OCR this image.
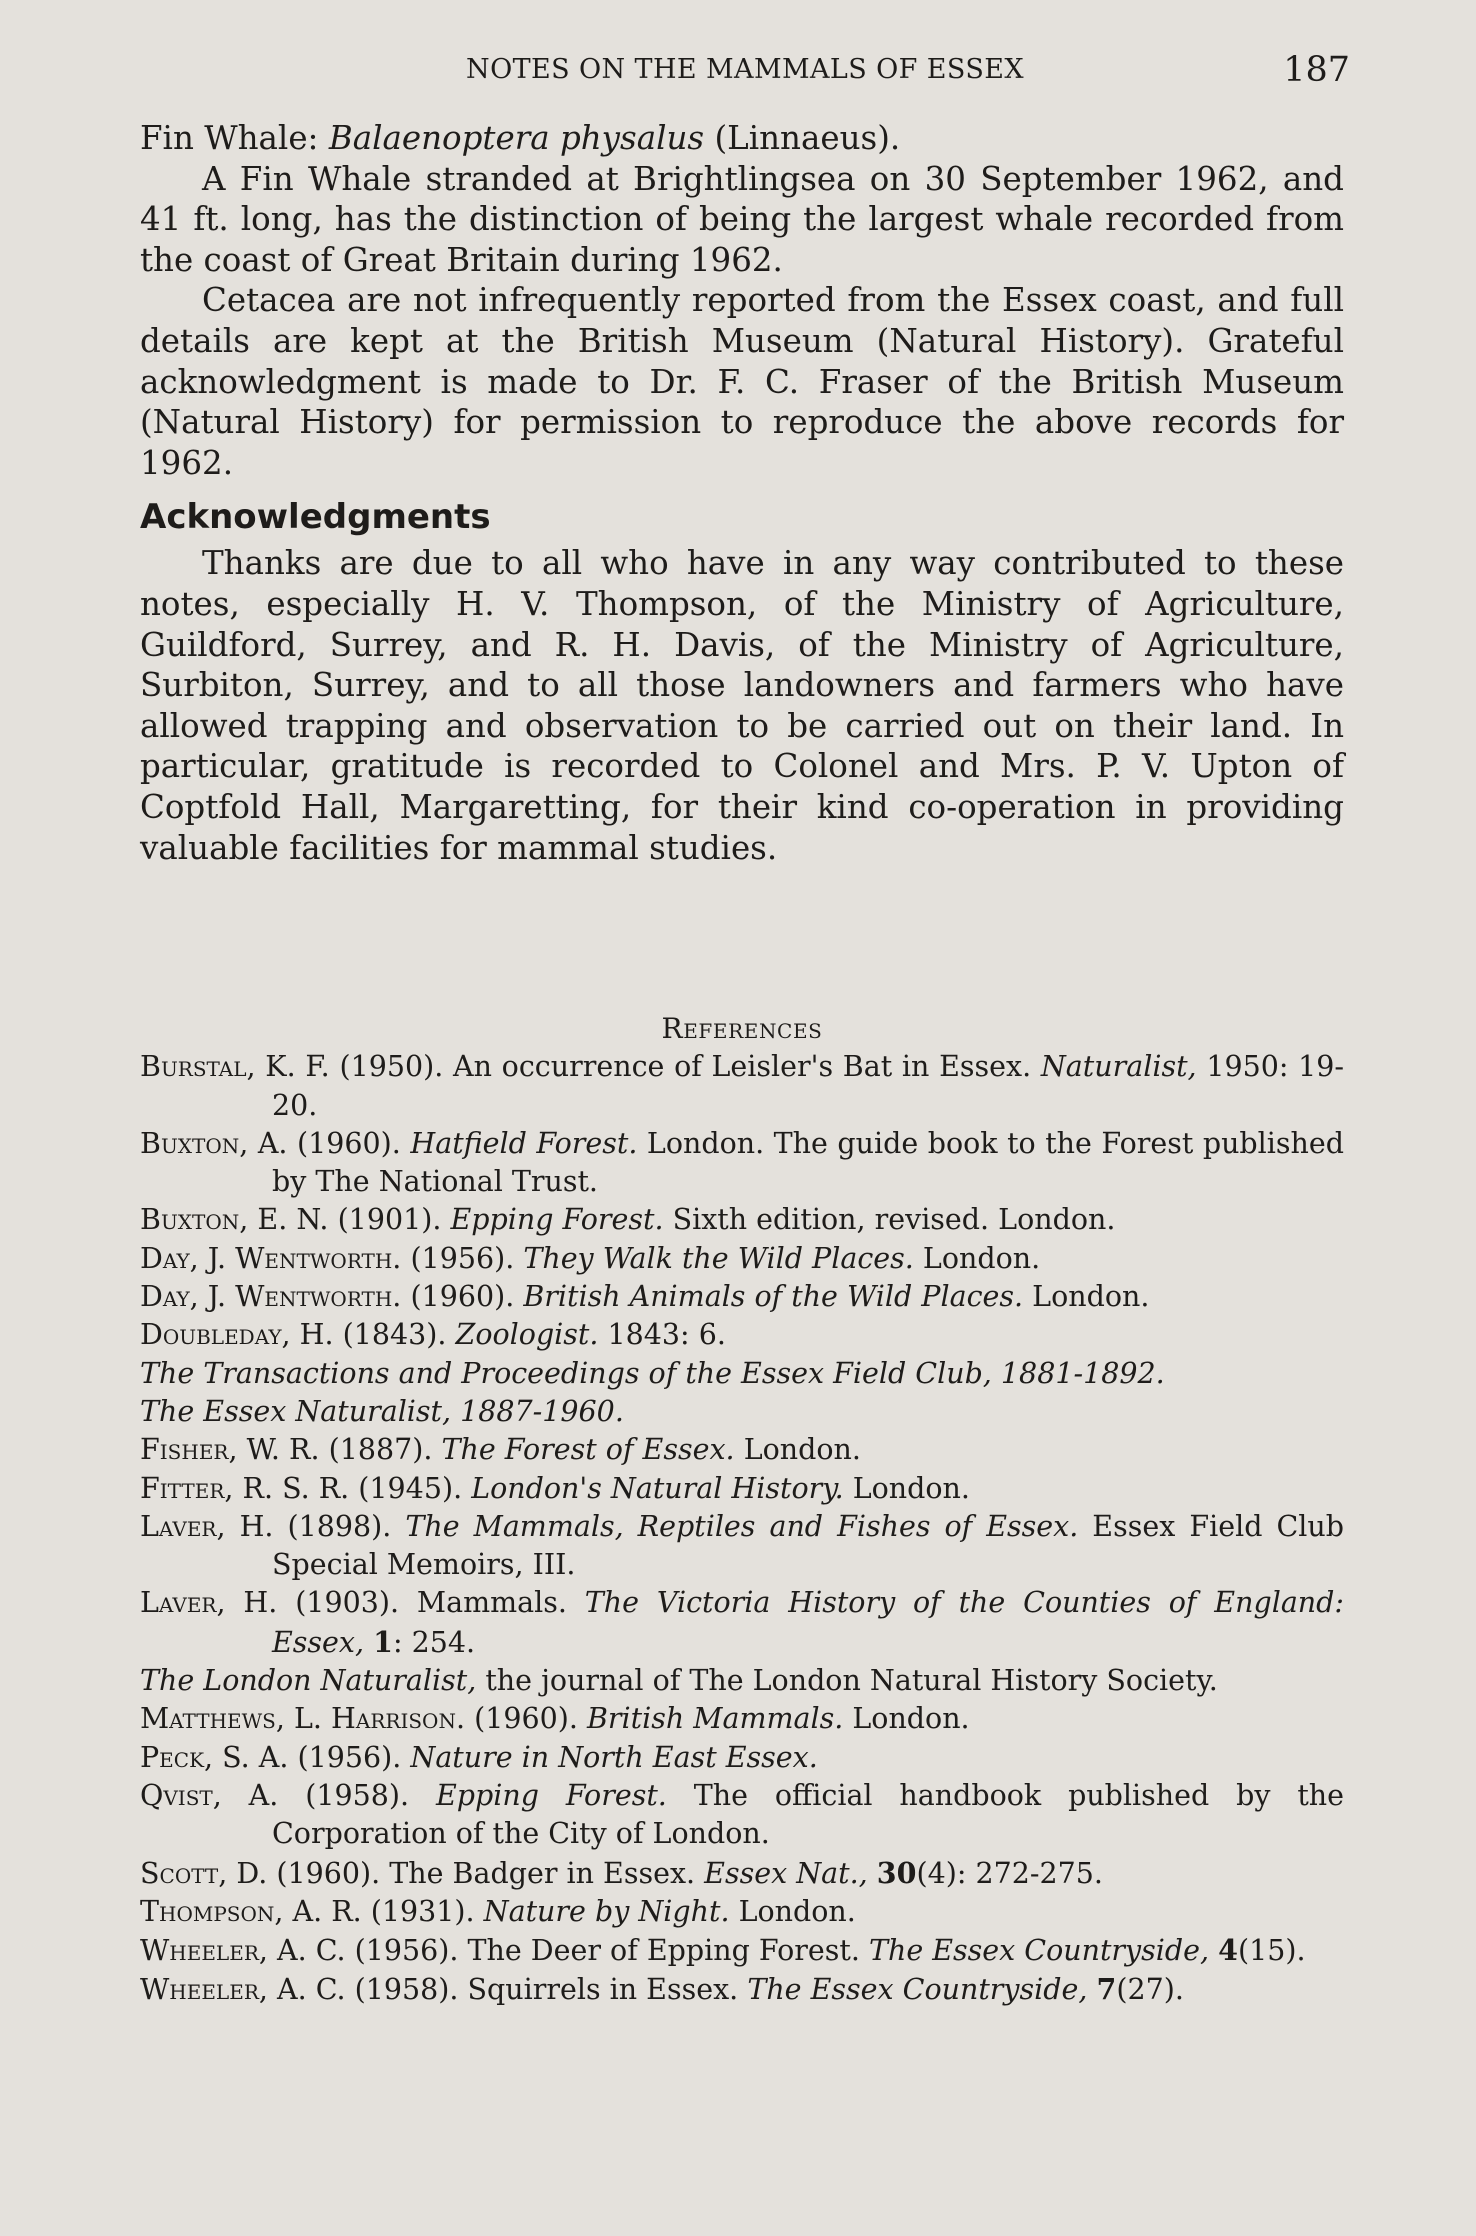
NOTES ON THE MAMMALS OF ESSEX	187

Fin Whale: Balaenoptera physalus (Linnaeus).

A Fin Whale stranded at Brightlingsea on 30 September 1962, and 41 ft. long, has the distinction of being the largest whale recorded from the coast of Great Britain during 1962.

Cetacea are not infrequently reported from the Essex coast, and full details are kept at the British Museum (Natural History). Grateful acknowledgment is made to Dr. F. C. Fraser of the British Museum (Natural History) for permission to reproduce the above records for 1962.

Acknowledgments

Thanks are due to all who have in any way contributed to these notes, especially H. V. Thompson, of the Ministry of Agriculture, Guildford, Surrey, and R. H. Davis, of the Ministry of Agriculture, Surbiton, Surrey, and to all those landowners and farmers who have allowed trapping and observation to be carried out on their land. In particular, gratitude is recorded to Colonel and Mrs. P. V. Upton of Coptfold Hall, Margaretting, for their kind co-operation in providing valuable facilities for mammal studies.

References
Burstal, K. F. (1950). An occurrence of Leisler's Bat in Essex. Naturalist, 1950: 19-20.
Buxton, A. (1960). Hatfield Forest. London. The guide book to the Forest published by The National Trust.
Buxton, E. N. (1901). Epping Forest. Sixth edition, revised. London.
Day, J. Wentworth. (1956). They Walk the Wild Places. London.
Day, J. Wentworth. (1960). British Animals of the Wild Places. London.
Doubleday, H. (1843). Zoologist. 1843: 6.
The Transactions and Proceedings of the Essex Field Club, 1881-1892.
The Essex Naturalist, 1887-1960.
Fisher, W. R. (1887). The Forest of Essex. London.
Fitter, R. S. R. (1945). London's Natural History. London.
Laver, H. (1898). The Mammals, Reptiles and Fishes of Essex. Essex Field Club Special Memoirs, III.
Laver, H. (1903). Mammals. The Victoria History of the Counties of England: Essex, 1: 254.
The London Naturalist, the journal of The London Natural History Society.
Matthews, L. Harrison. (1960). British Mammals. London.
Peck, S. A. (1956). Nature in North East Essex.
Qvist, A. (1958). Epping Forest. The official handbook published by the Corporation of the City of London.
Scott, D. (1960). The Badger in Essex. Essex Nat., 30(4): 272-275.
Thompson, A. R. (1931). Nature by Night. London.
Wheeler, A. C. (1956). The Deer of Epping Forest. The Essex Countryside, 4(15).
Wheeler, A. C. (1958). Squirrels in Essex. The Essex Countryside, 7(27).
